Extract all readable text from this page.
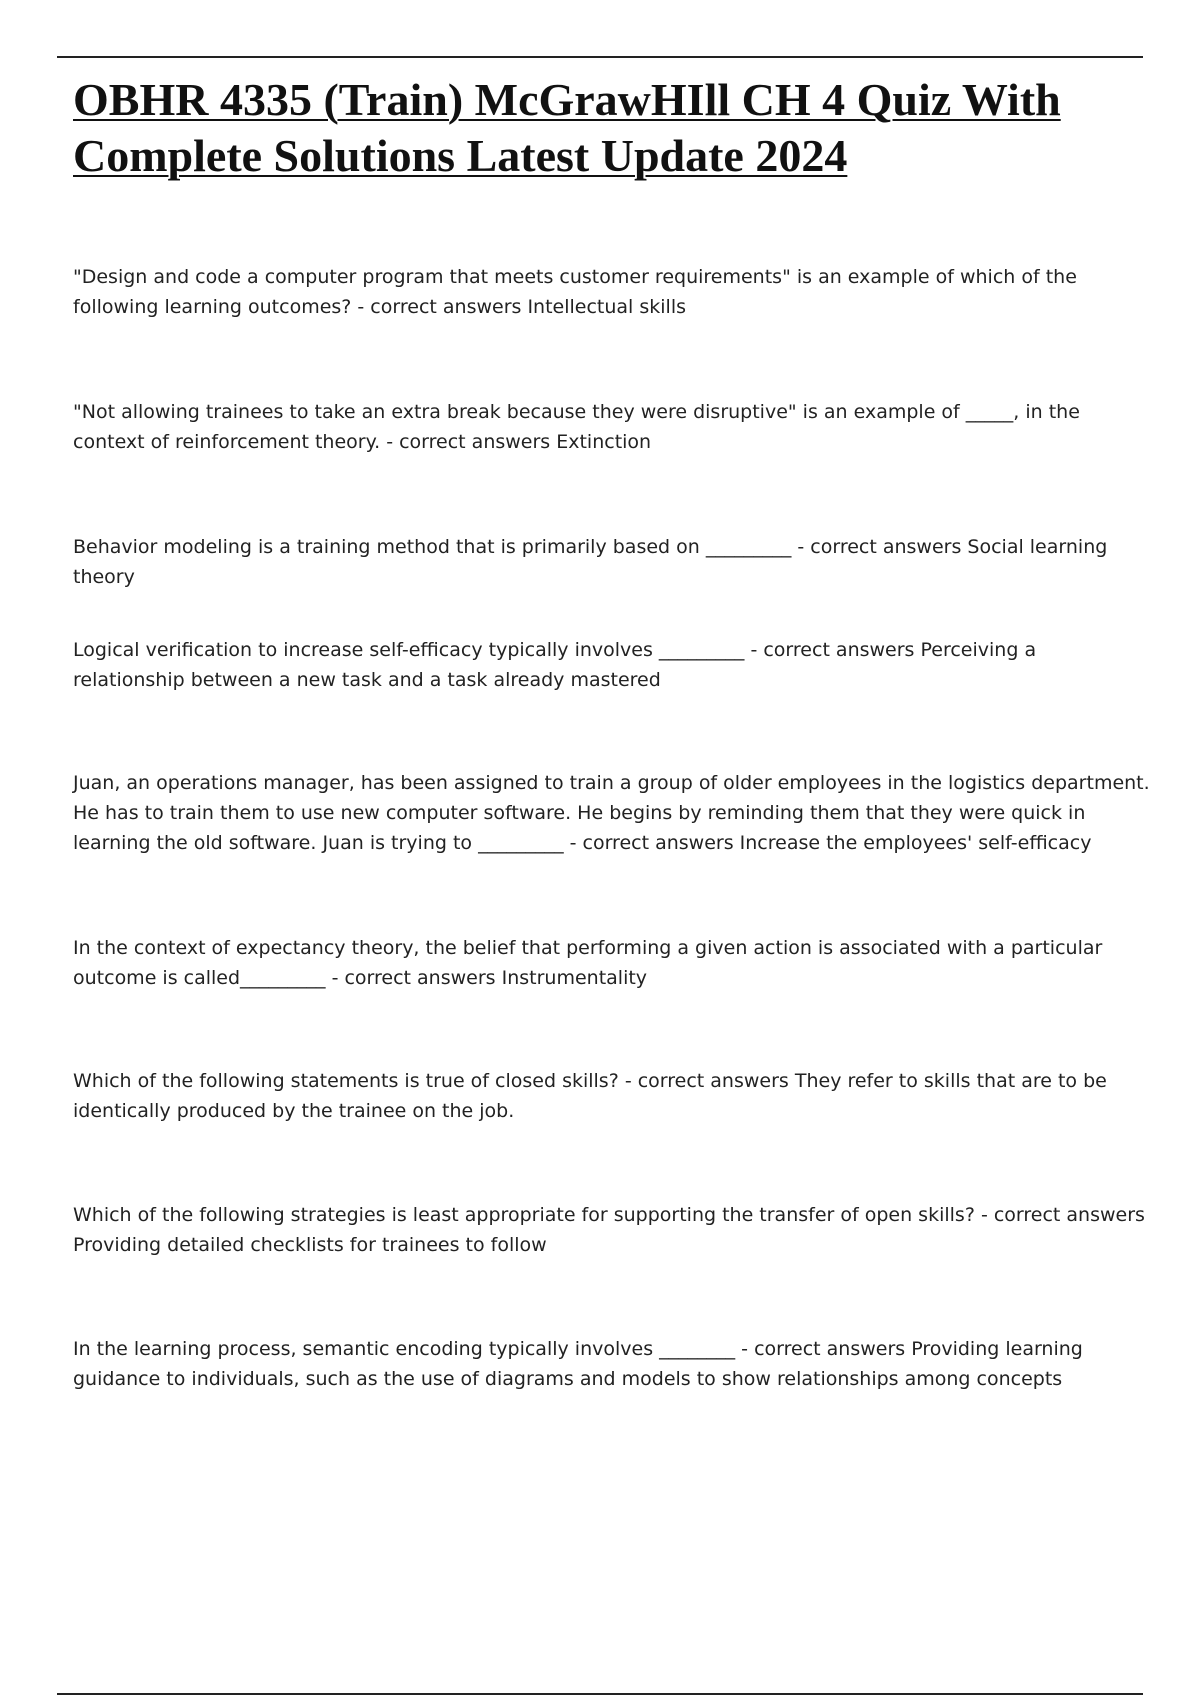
OBHR 4335 (Train) McGrawHIll CH 4 Quiz With Complete Solutions Latest Update 2024
"Design and code a computer program that meets customer requirements" is an example of which of the following learning outcomes? - correct answers Intellectual skills
"Not allowing trainees to take an extra break because they were disruptive" is an example of _____, in the context of reinforcement theory. - correct answers Extinction
Behavior modeling is a training method that is primarily based on _________ - correct answers Social learning theory
Logical verification to increase self-efficacy typically involves _________ - correct answers Perceiving a relationship between a new task and a task already mastered
Juan, an operations manager, has been assigned to train a group of older employees in the logistics department. He has to train them to use new computer software. He begins by reminding them that they were quick in learning the old software. Juan is trying to _________ - correct answers Increase the employees' self-efficacy
In the context of expectancy theory, the belief that performing a given action is associated with a particular outcome is called_________ - correct answers Instrumentality
Which of the following statements is true of closed skills? - correct answers They refer to skills that are to be identically produced by the trainee on the job.
Which of the following strategies is least appropriate for supporting the transfer of open skills? - correct answers Providing detailed checklists for trainees to follow
In the learning process, semantic encoding typically involves ________ - correct answers Providing learning guidance to individuals, such as the use of diagrams and models to show relationships among concepts
